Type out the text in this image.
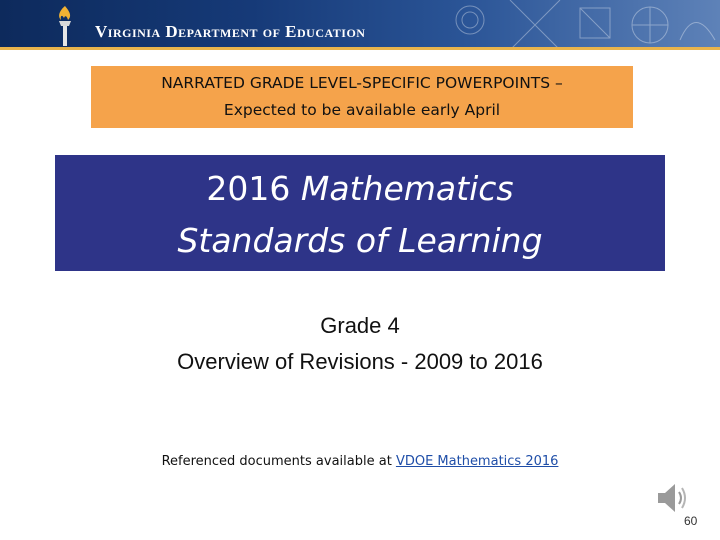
Virginia Department of Education
NARRATED GRADE LEVEL-SPECIFIC POWERPOINTS –
Expected to be available early April
2016 Mathematics
Standards of Learning
Grade 4
Overview of Revisions - 2009 to 2016
Referenced documents available at VDOE Mathematics 2016
60
